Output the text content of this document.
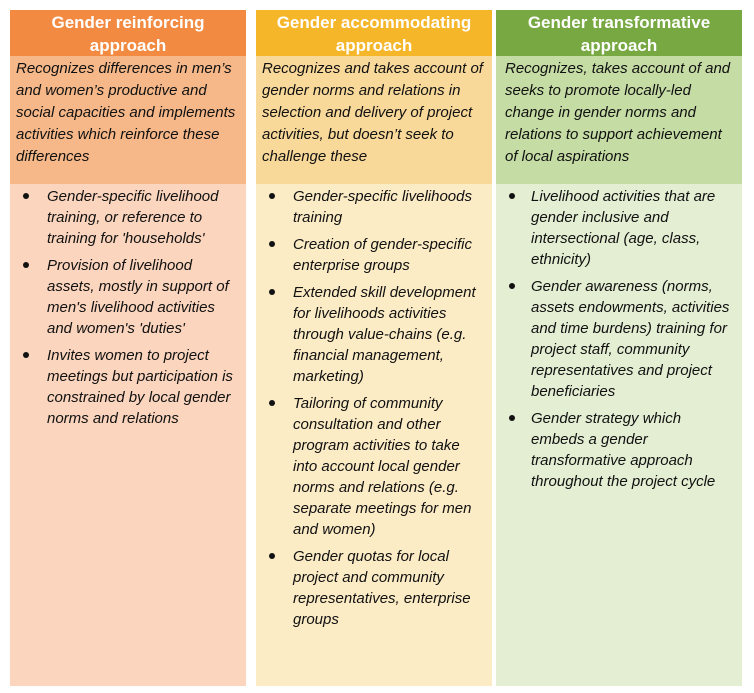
Gender reinforcing
approach
Recognizes differences in men’s and women’s productive and social capacities and implements activities which reinforce these differences
Gender-specific livelihood training, or reference to training for 'households'
Provision of livelihood assets, mostly in support of men's livelihood activities and women's 'duties'
Invites women to project meetings but participation is constrained by local gender norms and relations
Gender accommodating
approach
Recognizes and takes account of gender norms and relations in selection and delivery of project activities, but doesn’t seek to challenge these
Gender-specific livelihoods training
Creation of gender-specific enterprise groups
Extended skill development for livelihoods activities through value-chains (e.g. financial management, marketing)
Tailoring of community consultation and other program activities to take into account local gender norms and relations (e.g. separate meetings for men and women)
Gender quotas for local project and community representatives, enterprise groups
Gender transformative
approach
Recognizes, takes account of and seeks to promote locally-led change in gender norms and relations to support achievement of local aspirations
Livelihood activities that are gender inclusive and intersectional (age, class, ethnicity)
Gender awareness (norms, assets endowments, activities and time burdens) training for project staff, community representatives and project beneficiaries
Gender strategy which embeds a gender transformative approach throughout the project cycle
